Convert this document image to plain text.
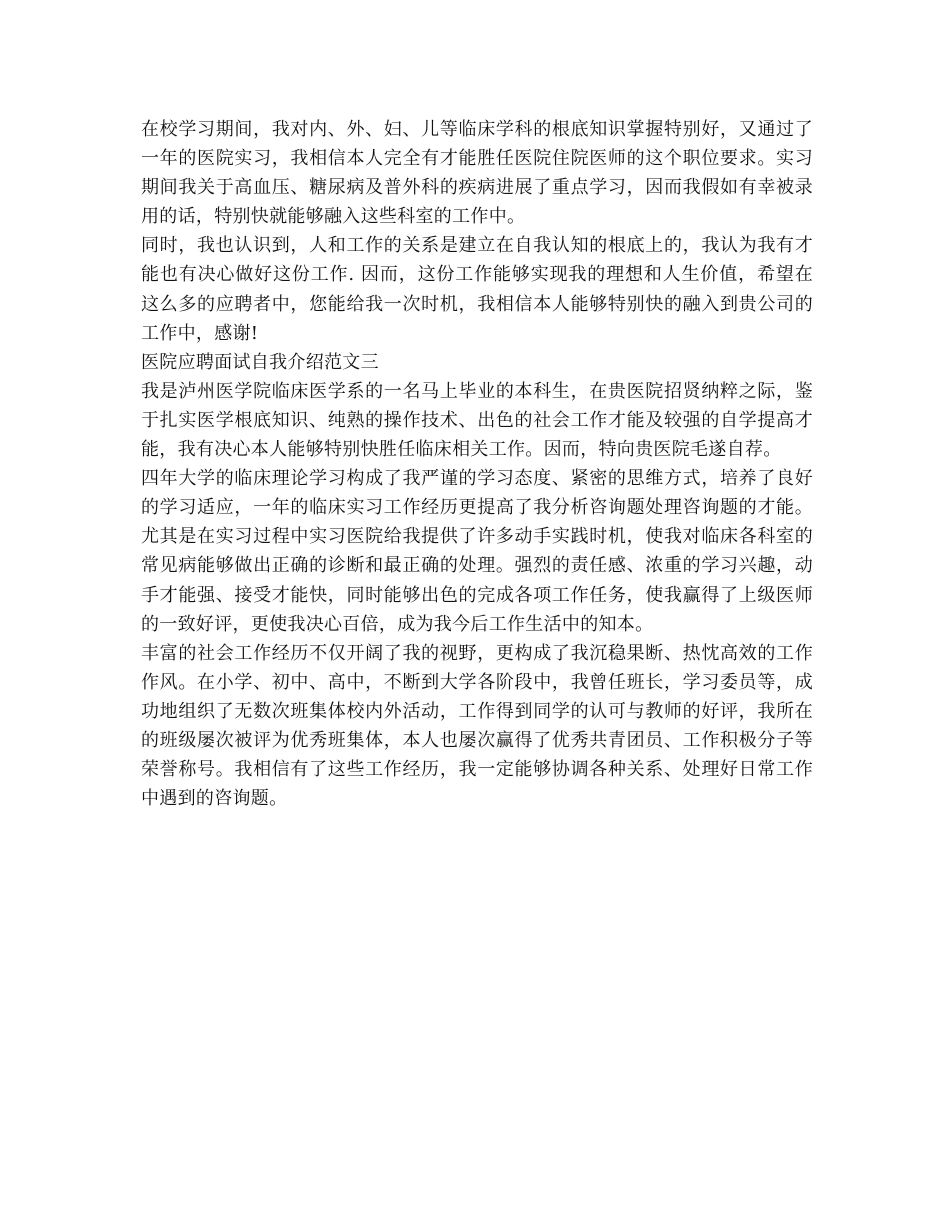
在校学习期间，我对内、外、妇、儿等临床学科的根底知识掌握特别好，又通过了
一年的医院实习，我相信本人完全有才能胜任医院住院医师的这个职位要求。实习
期间我关于高血压、糖尿病及普外科的疾病进展了重点学习，因而我假如有幸被录
用的话，特别快就能够融入这些科室的工作中。
同时，我也认识到，人和工作的关系是建立在自我认知的根底上的，我认为我有才
能也有决心做好这份工作. 因而，这份工作能够实现我的理想和人生价值，希望在
这么多的应聘者中，您能给我一次时机，我相信本人能够特别快的融入到贵公司的
工作中，感谢!
医院应聘面试自我介绍范文三
我是泸州医学院临床医学系的一名马上毕业的本科生，在贵医院招贤纳粹之际，鉴
于扎实医学根底知识、纯熟的操作技术、出色的社会工作才能及较强的自学提高才
能，我有决心本人能够特别快胜任临床相关工作。因而，特向贵医院毛遂自荐。
四年大学的临床理论学习构成了我严谨的学习态度、紧密的思维方式，培养了良好
的学习适应，一年的临床实习工作经历更提高了我分析咨询题处理咨询题的才能。
尤其是在实习过程中实习医院给我提供了许多动手实践时机，使我对临床各科室的
常见病能够做出正确的诊断和最正确的处理。强烈的责任感、浓重的学习兴趣，动
手才能强、接受才能快，同时能够出色的完成各项工作任务，使我赢得了上级医师
的一致好评，更使我决心百倍，成为我今后工作生活中的知本。
丰富的社会工作经历不仅开阔了我的视野，更构成了我沉稳果断、热忱高效的工作
作风。在小学、初中、高中，不断到大学各阶段中，我曾任班长，学习委员等，成
功地组织了无数次班集体校内外活动，工作得到同学的认可与教师的好评，我所在
的班级屡次被评为优秀班集体，本人也屡次赢得了优秀共青团员、工作积极分子等
荣誉称号。我相信有了这些工作经历，我一定能够协调各种关系、处理好日常工作
中遇到的咨询题。
